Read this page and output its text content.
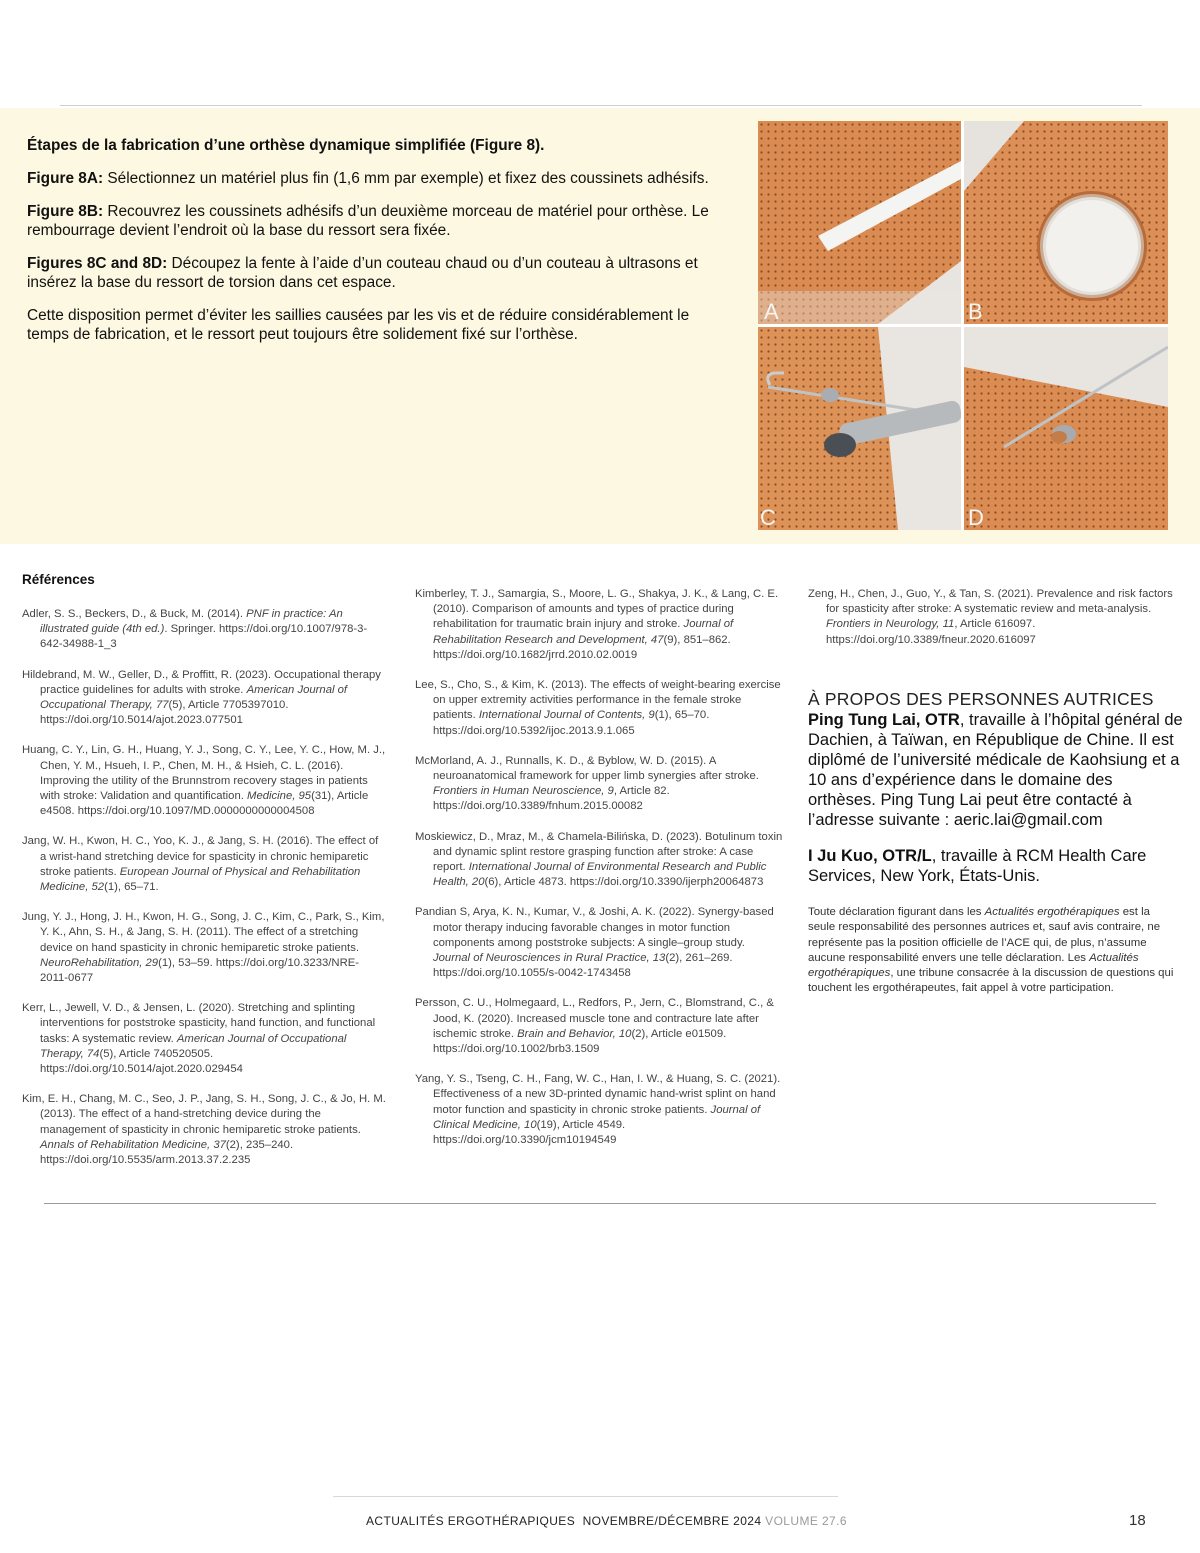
Étapes de la fabrication d’une orthèse dynamique simplifiée (Figure 8).

Figure 8A: Sélectionnez un matériel plus fin (1,6 mm par exemple) et fixez des coussinets adhésifs.

Figure 8B: Recouvrez les coussinets adhésifs d’un deuxième morceau de matériel pour orthèse. Le rembourrage devient l’endroit où la base du ressort sera fixée.

Figures 8C and 8D: Découpez la fente à l’aide d’un couteau chaud ou d’un couteau à ultrasons et insérez la base du ressort de torsion dans cet espace.

Cette disposition permet d’éviter les saillies causées par les vis et de réduire considérablement le temps de fabrication, et le ressort peut toujours être solidement fixé sur l’orthèse.

A	B
C	D
Références
Adler, S. S., Beckers, D., & Buck, M. (2014). PNF in practice: An illustrated guide (4th ed.). Springer. https://doi.org/10.1007/978-3-642-34988-1_3
Hildebrand, M. W., Geller, D., & Proffitt, R. (2023). Occupational therapy practice guidelines for adults with stroke. American Journal of Occupational Therapy, 77(5), Article 7705397010. https://doi.org/10.5014/ajot.2023.077501
Huang, C. Y., Lin, G. H., Huang, Y. J., Song, C. Y., Lee, Y. C., How, M. J., Chen, Y. M., Hsueh, I. P., Chen, M. H., & Hsieh, C. L. (2016). Improving the utility of the Brunnstrom recovery stages in patients with stroke: Validation and quantification. Medicine, 95(31), Article e4508. https://doi.org/10.1097/MD.0000000000004508
Jang, W. H., Kwon, H. C., Yoo, K. J., & Jang, S. H. (2016). The effect of a wrist-hand stretching device for spasticity in chronic hemiparetic stroke patients. European Journal of Physical and Rehabilitation Medicine, 52(1), 65–71.
Jung, Y. J., Hong, J. H., Kwon, H. G., Song, J. C., Kim, C., Park, S., Kim, Y. K., Ahn, S. H., & Jang, S. H. (2011). The effect of a stretching device on hand spasticity in chronic hemiparetic stroke patients. NeuroRehabilitation, 29(1), 53–59. https://doi.org/10.3233/NRE-2011-0677
Kerr, L., Jewell, V. D., & Jensen, L. (2020). Stretching and splinting interventions for poststroke spasticity, hand function, and functional tasks: A systematic review. American Journal of Occupational Therapy, 74(5), Article 740520505. https://doi.org/10.5014/ajot.2020.029454
Kim, E. H., Chang, M. C., Seo, J. P., Jang, S. H., Song, J. C., & Jo, H. M. (2013). The effect of a hand-stretching device during the management of spasticity in chronic hemiparetic stroke patients. Annals of Rehabilitation Medicine, 37(2), 235–240. https://doi.org/10.5535/arm.2013.37.2.235
Kimberley, T. J., Samargia, S., Moore, L. G., Shakya, J. K., & Lang, C. E. (2010). Comparison of amounts and types of practice during rehabilitation for traumatic brain injury and stroke. Journal of Rehabilitation Research and Development, 47(9), 851–862. https://doi.org/10.1682/jrrd.2010.02.0019
Lee, S., Cho, S., & Kim, K. (2013). The effects of weight-bearing exercise on upper extremity activities performance in the female stroke patients. International Journal of Contents, 9(1), 65–70. https://doi.org/10.5392/ijoc.2013.9.1.065
McMorland, A. J., Runnalls, K. D., & Byblow, W. D. (2015). A neuroanatomical framework for upper limb synergies after stroke. Frontiers in Human Neuroscience, 9, Article 82. https://doi.org/10.3389/fnhum.2015.00082
Moskiewicz, D., Mraz, M., & Chamela-Bilińska, D. (2023). Botulinum toxin and dynamic splint restore grasping function after stroke: A case report. International Journal of Environmental Research and Public Health, 20(6), Article 4873. https://doi.org/10.3390/ijerph20064873
Pandian S, Arya, K. N., Kumar, V., & Joshi, A. K. (2022). Synergy-based motor therapy inducing favorable changes in motor function components among poststroke subjects: A single–group study. Journal of Neurosciences in Rural Practice, 13(2), 261–269. https://doi.org/10.1055/s-0042-1743458
Persson, C. U., Holmegaard, L., Redfors, P., Jern, C., Blomstrand, C., & Jood, K. (2020). Increased muscle tone and contracture late after ischemic stroke. Brain and Behavior, 10(2), Article e01509. https://doi.org/10.1002/brb3.1509
Yang, Y. S., Tseng, C. H., Fang, W. C., Han, I. W., & Huang, S. C. (2021). Effectiveness of a new 3D-printed dynamic hand-wrist splint on hand motor function and spasticity in chronic stroke patients. Journal of Clinical Medicine, 10(19), Article 4549. https://doi.org/10.3390/jcm10194549
Zeng, H., Chen, J., Guo, Y., & Tan, S. (2021). Prevalence and risk factors for spasticity after stroke: A systematic review and meta-analysis. Frontiers in Neurology, 11, Article 616097. https://doi.org/10.3389/fneur.2020.616097
À PROPOS DES PERSONNES AUTRICES

Ping Tung Lai, OTR, travaille à l’hôpital général de Dachien, à Taïwan, en République de Chine. Il est diplômé de l’université médicale de Kaohsiung et a 10 ans d’expérience dans le domaine des orthèses. Ping Tung Lai peut être contacté à l’adresse suivante : aeric.lai@gmail.com

I Ju Kuo, OTR/L, travaille à RCM Health Care Services, New York, États-Unis.

Toute déclaration figurant dans les Actualités ergothérapiques est la seule responsabilité des personnes autrices et, sauf avis contraire, ne représente pas la position officielle de l’ACE qui, de plus, n’assume aucune responsabilité envers une telle déclaration. Les Actualités ergothérapiques, une tribune consacrée à la discussion de questions qui touchent les ergothérapeutes, fait appel à votre participation.
ACTUALITÉS ERGOTHÉRAPIQUES NOVEMBRE/DÉCEMBRE 2024 VOLUME 27.6	18
